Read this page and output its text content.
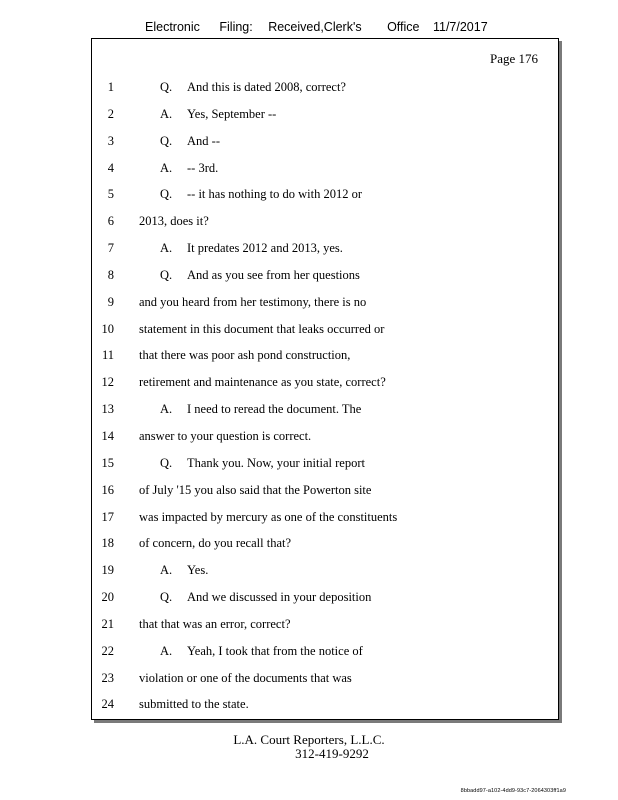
Electronic Filing: Received,Clerk's Office 11/7/2017
Page 176
1	Q. And this is dated 2008, correct?
2	A. Yes, September --
3	Q. And --
4	A. -- 3rd.
5	Q. -- it has nothing to do with 2012 or
6 2013, does it?
7	A. It predates 2012 and 2013, yes.
8	Q. And as you see from her questions
9 and you heard from her testimony, there is no
10 statement in this document that leaks occurred or
11 that there was poor ash pond construction,
12 retirement and maintenance as you state, correct?
13	A. I need to reread the document. The
14 answer to your question is correct.
15	Q. Thank you. Now, your initial report
16 of July '15 you also said that the Powerton site
17 was impacted by mercury as one of the constituents
18 of concern, do you recall that?
19	A. Yes.
20	Q. And we discussed in your deposition
21 that that was an error, correct?
22	A. Yeah, I took that from the notice of
23 violation or one of the documents that was
24 submitted to the state.
L.A. Court Reporters, L.L.C.
312-419-9292
8bbadd97-a102-4dd9-93c7-2064303ff1a9
